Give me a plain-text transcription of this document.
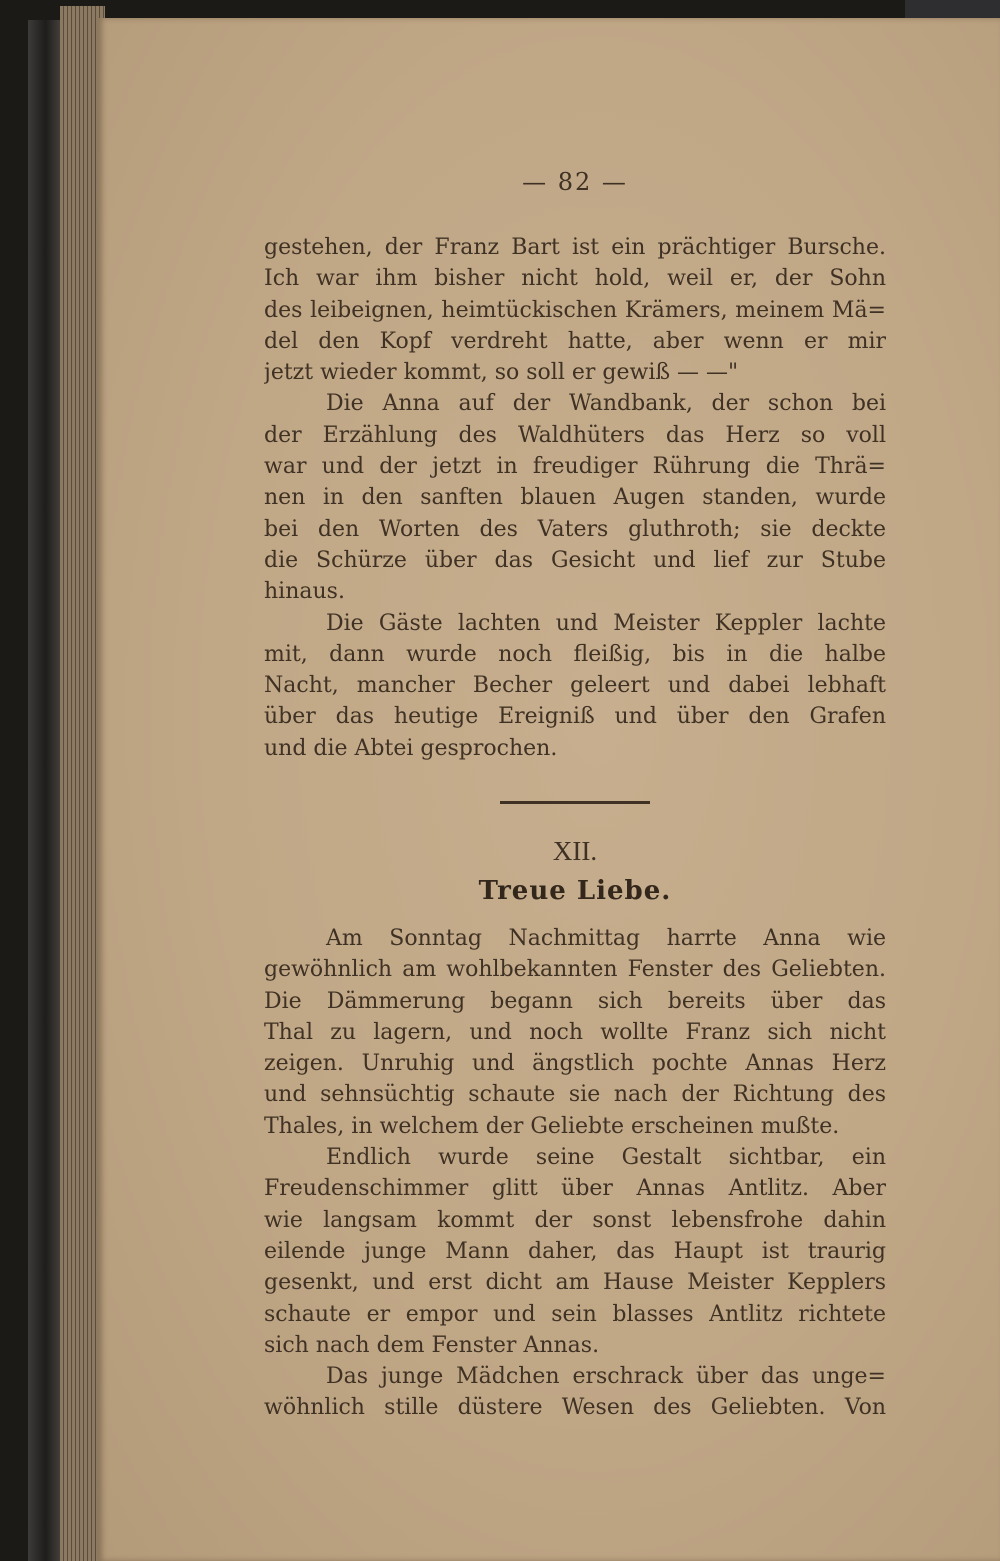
— 82 —
gestehen, der Franz Bart ist ein prächtiger Bursche.
Ich war ihm bisher nicht hold, weil er, der Sohn
des leibeignen, heimtückischen Krämers, meinem Mä=
del den Kopf verdreht hatte, aber wenn er mir
jetzt wieder kommt, so soll er gewiß — —"
Die Anna auf der Wandbank, der schon bei
der Erzählung des Waldhüters das Herz so voll
war und der jetzt in freudiger Rührung die Thrä=
nen in den sanften blauen Augen standen, wurde
bei den Worten des Vaters gluthroth; sie deckte
die Schürze über das Gesicht und lief zur Stube
hinaus.
Die Gäste lachten und Meister Keppler lachte
mit, dann wurde noch fleißig, bis in die halbe
Nacht, mancher Becher geleert und dabei lebhaft
über das heutige Ereigniß und über den Grafen
und die Abtei gesprochen.
XII.
Treue Liebe.
Am Sonntag Nachmittag harrte Anna wie
gewöhnlich am wohlbekannten Fenster des Geliebten.
Die Dämmerung begann sich bereits über das
Thal zu lagern, und noch wollte Franz sich nicht
zeigen. Unruhig und ängstlich pochte Annas Herz
und sehnsüchtig schaute sie nach der Richtung des
Thales, in welchem der Geliebte erscheinen mußte.
Endlich wurde seine Gestalt sichtbar, ein
Freudenschimmer glitt über Annas Antlitz. Aber
wie langsam kommt der sonst lebensfrohe dahin
eilende junge Mann daher, das Haupt ist traurig
gesenkt, und erst dicht am Hause Meister Kepplers
schaute er empor und sein blasses Antlitz richtete
sich nach dem Fenster Annas.
Das junge Mädchen erschrack über das unge=
wöhnlich stille düstere Wesen des Geliebten. Von
